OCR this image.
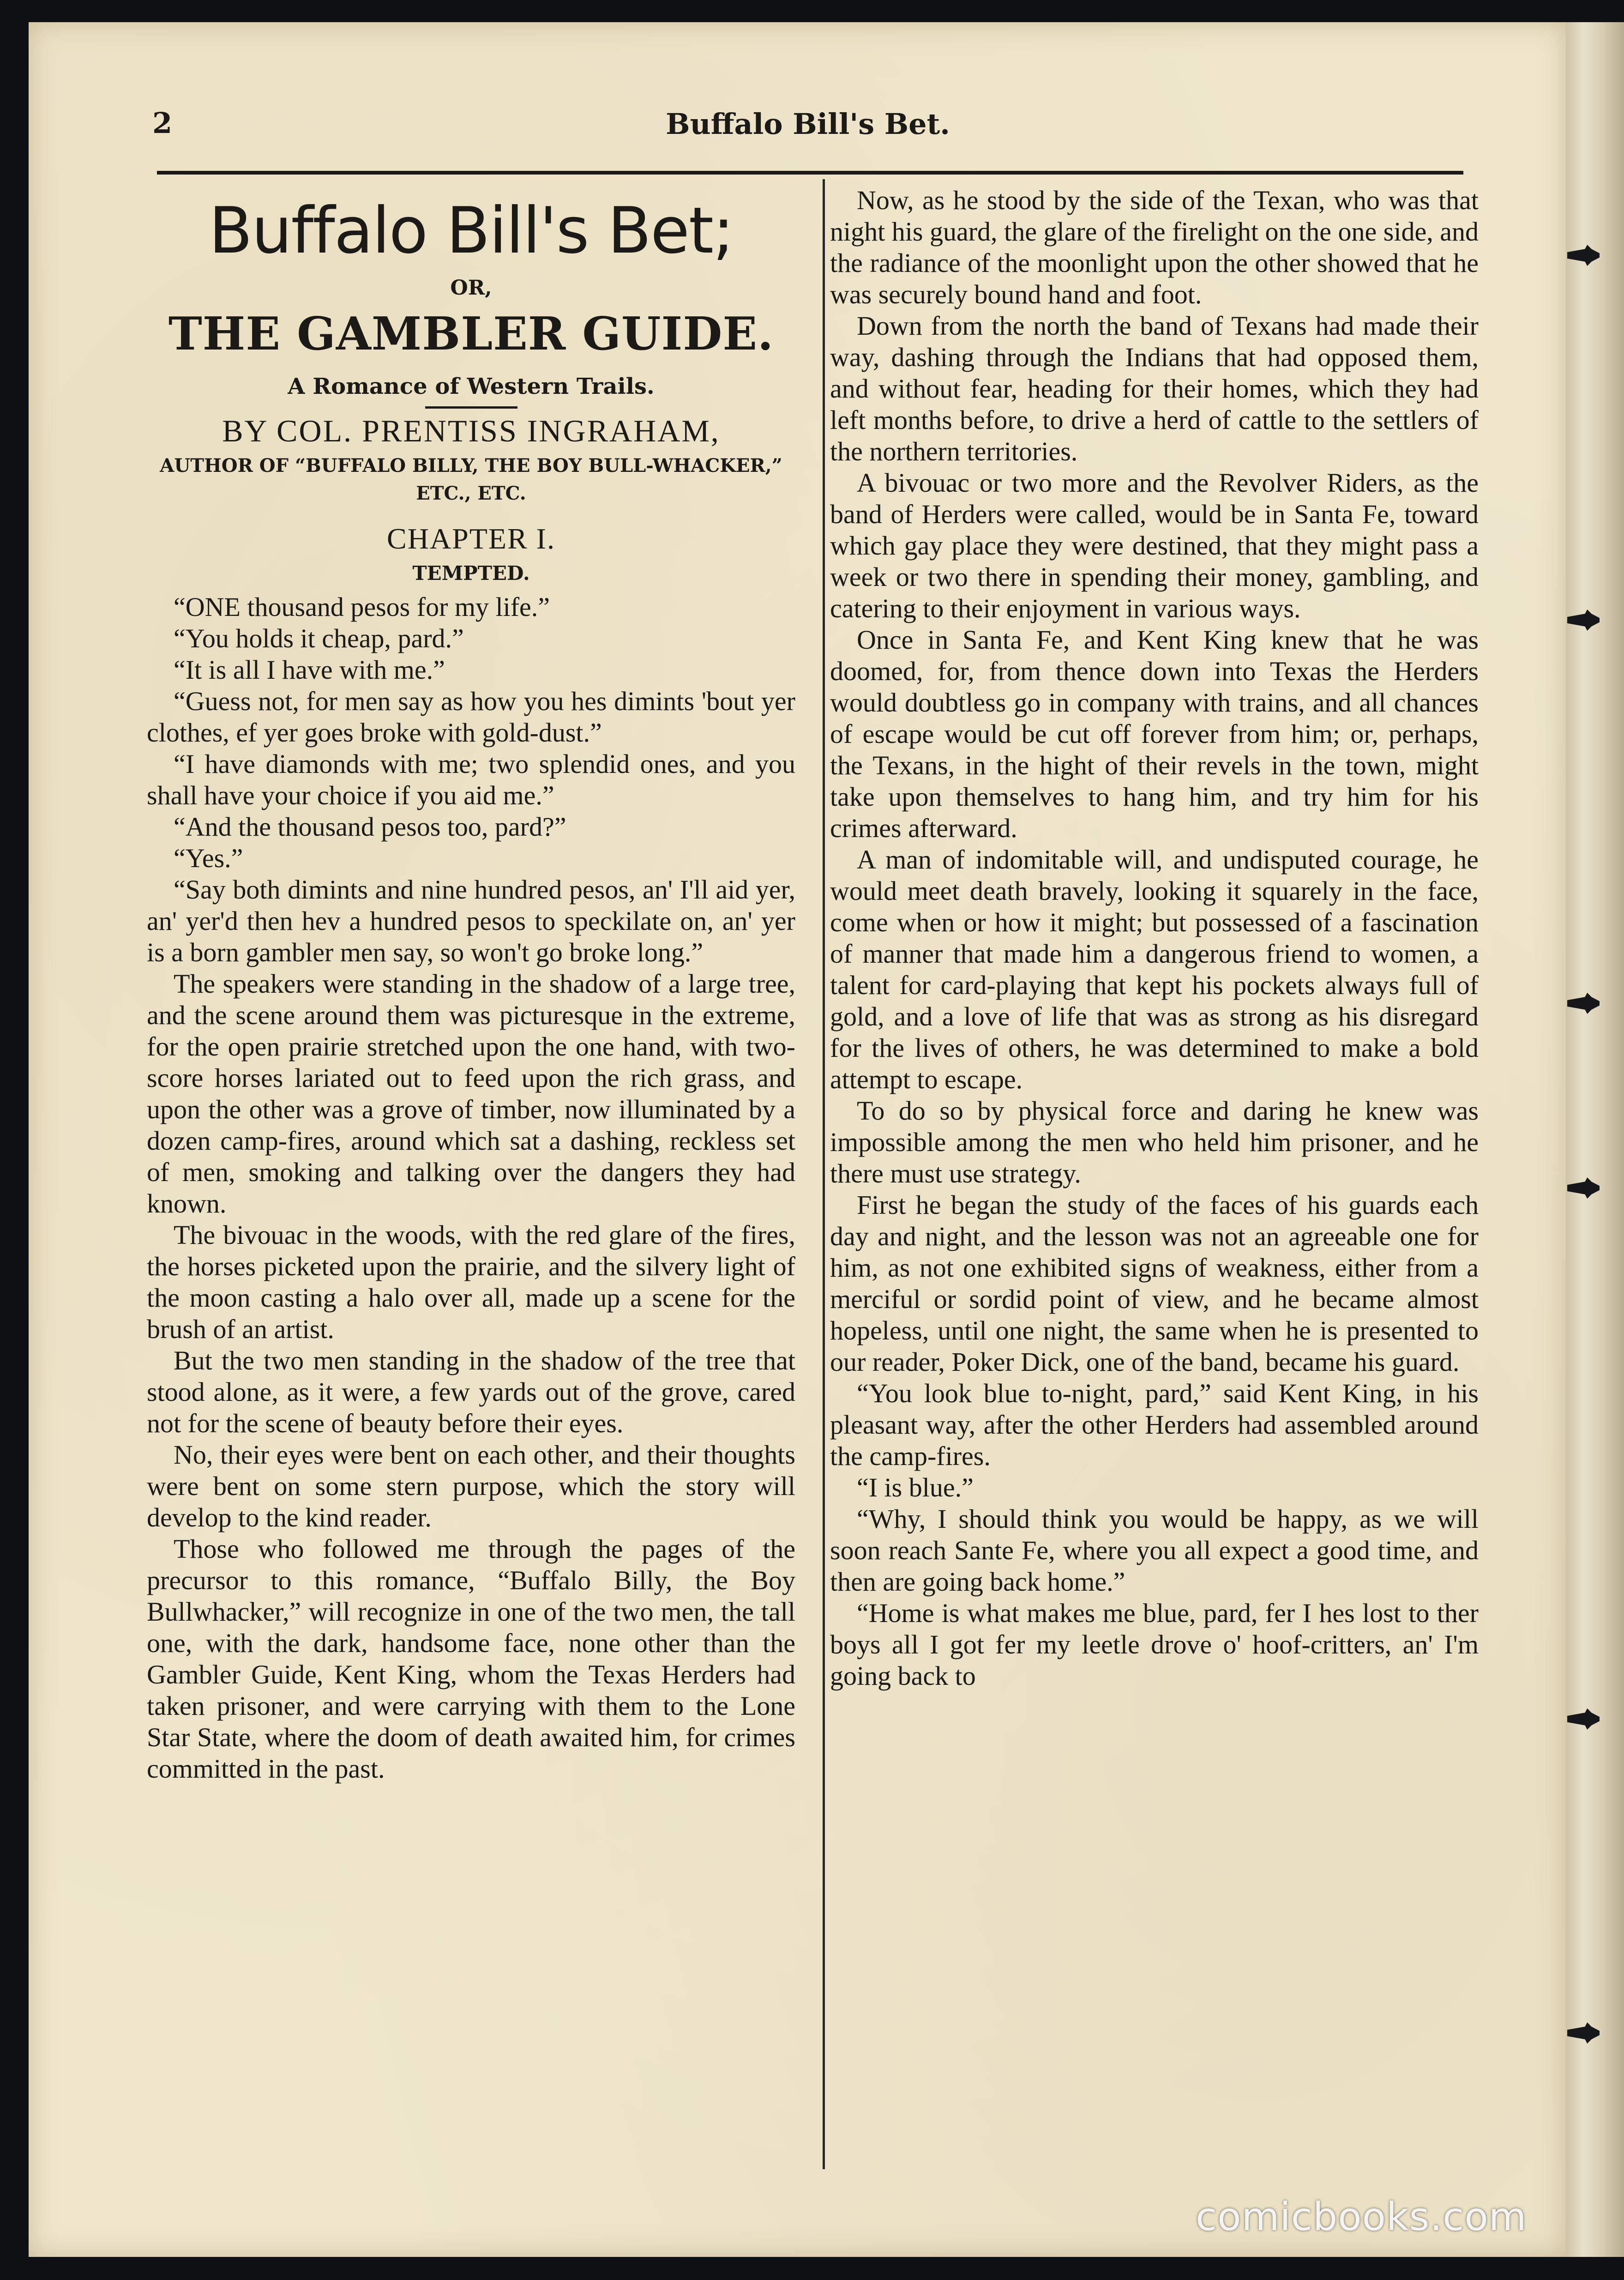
2	Buffalo Bill's Bet.
Buffalo Bill's Bet;
OR,
THE GAMBLER GUIDE.
A Romance of Western Trails.
BY COL. PRENTISS INGRAHAM,
AUTHOR OF “BUFFALO BILLY, THE BOY BULL-WHACKER,” ETC., ETC.
CHAPTER I.
TEMPTED.

“ONE thousand pesos for my life.”

“You holds it cheap, pard.”

“It is all I have with me.”

“Guess not, for men say as how you hes dimints 'bout yer clothes, ef yer goes broke with gold-dust.”

“I have diamonds with me; two splendid ones, and you shall have your choice if you aid me.”

“And the thousand pesos too, pard?”

“Yes.”

“Say both dimints and nine hundred pesos, an' I'll aid yer, an' yer'd then hev a hundred pesos to speckilate on, an' yer is a born gambler men say, so won't go broke long.”

The speakers were standing in the shadow of a large tree, and the scene around them was picturesque in the extreme, for the open prairie stretched upon the one hand, with two-score horses lariated out to feed upon the rich grass, and upon the other was a grove of timber, now illuminated by a dozen camp-fires, around which sat a dashing, reckless set of men, smoking and talking over the dangers they had known.

The bivouac in the woods, with the red glare of the fires, the horses picketed upon the prairie, and the silvery light of the moon casting a halo over all, made up a scene for the brush of an artist.

But the two men standing in the shadow of the tree that stood alone, as it were, a few yards out of the grove, cared not for the scene of beauty before their eyes.

No, their eyes were bent on each other, and their thoughts were bent on some stern purpose, which the story will develop to the kind reader.

Those who followed me through the pages of the precursor to this romance, “Buffalo Billy, the Boy Bullwhacker,” will recognize in one of the two men, the tall one, with the dark, handsome face, none other than the Gambler Guide, Kent King, whom the Texas Herders had taken prisoner, and were carrying with them to the Lone Star State, where the doom of death awaited him, for crimes committed in the past.

Now, as he stood by the side of the Texan, who was that night his guard, the glare of the firelight on the one side, and the radiance of the moonlight upon the other showed that he was securely bound hand and foot.

Down from the north the band of Texans had made their way, dashing through the Indians that had opposed them, and without fear, heading for their homes, which they had left months before, to drive a herd of cattle to the settlers of the northern territories.

A bivouac or two more and the Revolver Riders, as the band of Herders were called, would be in Santa Fe, toward which gay place they were destined, that they might pass a week or two there in spending their money, gambling, and catering to their enjoyment in various ways.

Once in Santa Fe, and Kent King knew that he was doomed, for, from thence down into Texas the Herders would doubtless go in company with trains, and all chances of escape would be cut off forever from him; or, perhaps, the Texans, in the hight of their revels in the town, might take upon themselves to hang him, and try him for his crimes afterward.

A man of indomitable will, and undisputed courage, he would meet death bravely, looking it squarely in the face, come when or how it might; but possessed of a fascination of manner that made him a dangerous friend to women, a talent for card-playing that kept his pockets always full of gold, and a love of life that was as strong as his disregard for the lives of others, he was determined to make a bold attempt to escape.

To do so by physical force and daring he knew was impossible among the men who held him prisoner, and he there must use strategy.

First he began the study of the faces of his guards each day and night, and the lesson was not an agreeable one for him, as not one exhibited signs of weakness, either from a merciful or sordid point of view, and he became almost hopeless, until one night, the same when he is presented to our reader, Poker Dick, one of the band, became his guard.

“You look blue to-night, pard,” said Kent King, in his pleasant way, after the other Herders had assembled around the camp-fires.

“I is blue.”

“Why, I should think you would be happy, as we will soon reach Sante Fe, where you all expect a good time, and then are going back home.”

“Home is what makes me blue, pard, fer I hes lost to ther boys all I got fer my leetle drove o' hoof-critters, an' I'm going back to

comicbooks.com
